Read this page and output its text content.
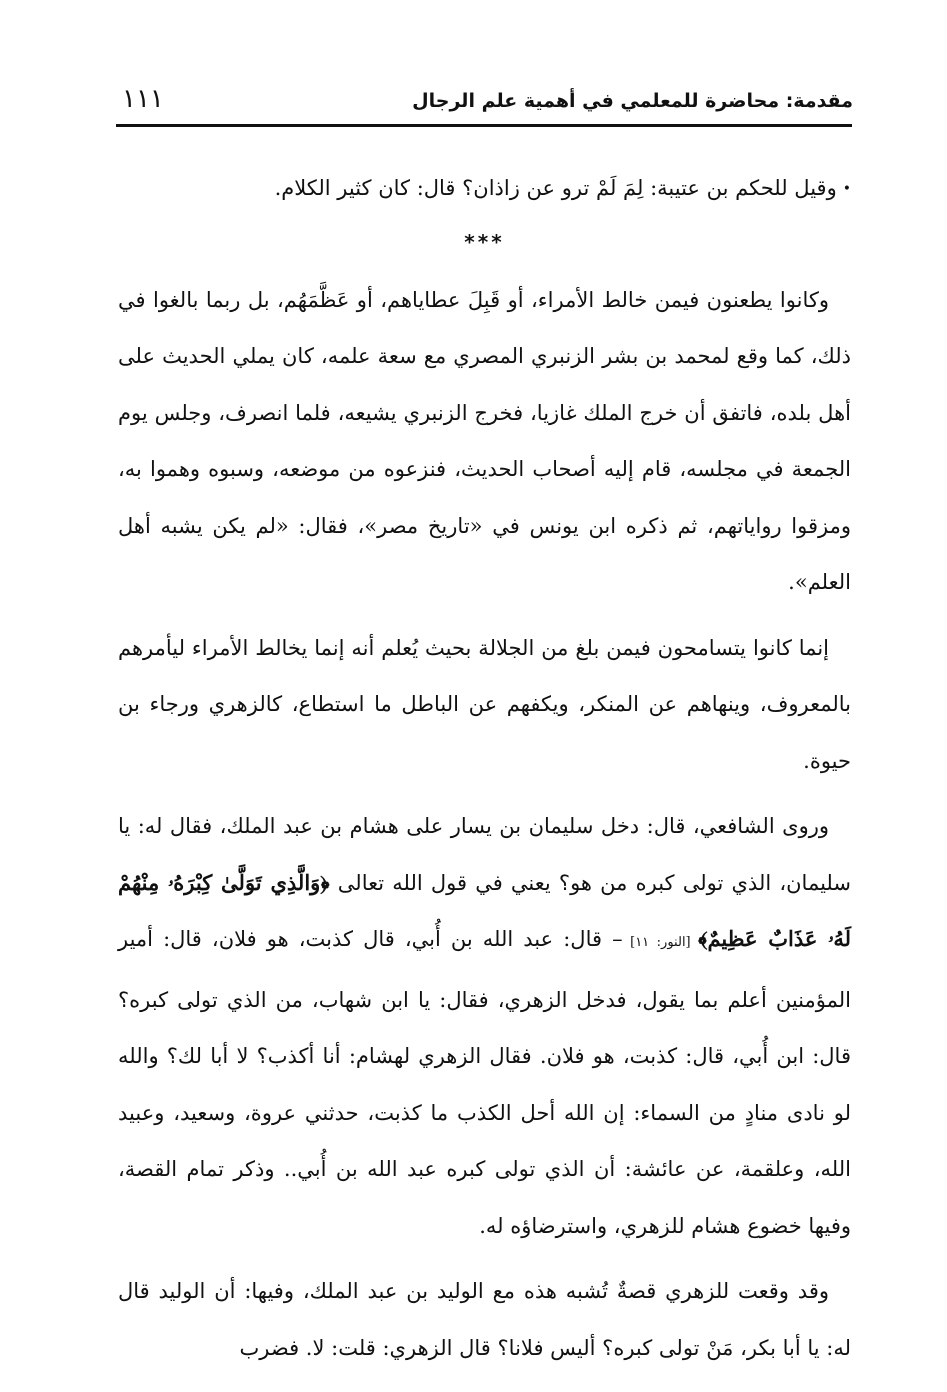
مقدمة: محاضرة للمعلمي في أهمية علم الرجال
١١١

•وقيل للحكم بن عتيبة: لِمَ لَمْ ترو عن زاذان؟ قال: كان كثير الكلام.

***

وكانوا يطعنون فيمن خالط الأمراء، أو قَبِلَ عطاياهم، أو عَظَّمَهُم، بل ربما بالغوا في ذلك، كما وقع لمحمد بن بشر الزنبري المصري مع سعة علمه، كان يملي الحديث على أهل بلده، فاتفق أن خرج الملك غازيا، فخرج الزنبري يشيعه، فلما انصرف، وجلس يوم الجمعة في مجلسه، قام إليه أصحاب الحديث، فنزعوه من موضعه، وسبوه وهموا به، ومزقوا رواياتهم، ثم ذكره ابن يونس في «تاريخ مصر»، فقال: «لم يكن يشبه أهل العلم».

إنما كانوا يتسامحون فيمن بلغ من الجلالة بحيث يُعلم أنه إنما يخالط الأمراء ليأمرهم بالمعروف، وينهاهم عن المنكر، ويكفهم عن الباطل ما استطاع، كالزهري ورجاء بن حيوة.

وروى الشافعي، قال: دخل سليمان بن يسار على هشام بن عبد الملك، فقال له: يا سليمان، الذي تولى كبره من هو؟ يعني في قول الله تعالى ﴿وَالَّذِي تَوَلَّىٰ كِبْرَهُۥ مِنْهُمْ لَهُۥ عَذَابٌ عَظِيمٌ﴾ [النور: ١١] – قال: عبد الله بن أُبي، قال كذبت، هو فلان، قال: أمير المؤمنين أعلم بما يقول، فدخل الزهري، فقال: يا ابن شهاب، من الذي تولى كبره؟ قال: ابن أُبي، قال: كذبت، هو فلان. فقال الزهري لهشام: أنا أكذب؟ لا أبا لك؟ والله لو نادى منادٍ من السماء: إن الله أحل الكذب ما كذبت، حدثني عروة، وسعيد، وعبيد الله، وعلقمة، عن عائشة: أن الذي تولى كبره عبد الله بن أُبي.. وذكر تمام القصة، وفيها خضوع هشام للزهري، واسترضاؤه له.

وقد وقعت للزهري قصةٌ تُشبه هذه مع الوليد بن عبد الملك، وفيها: أن الوليد قال له: يا أبا بكر، مَنْ تولى كبره؟ أليس فلانا؟ قال الزهري: قلت: لا. فضرب
